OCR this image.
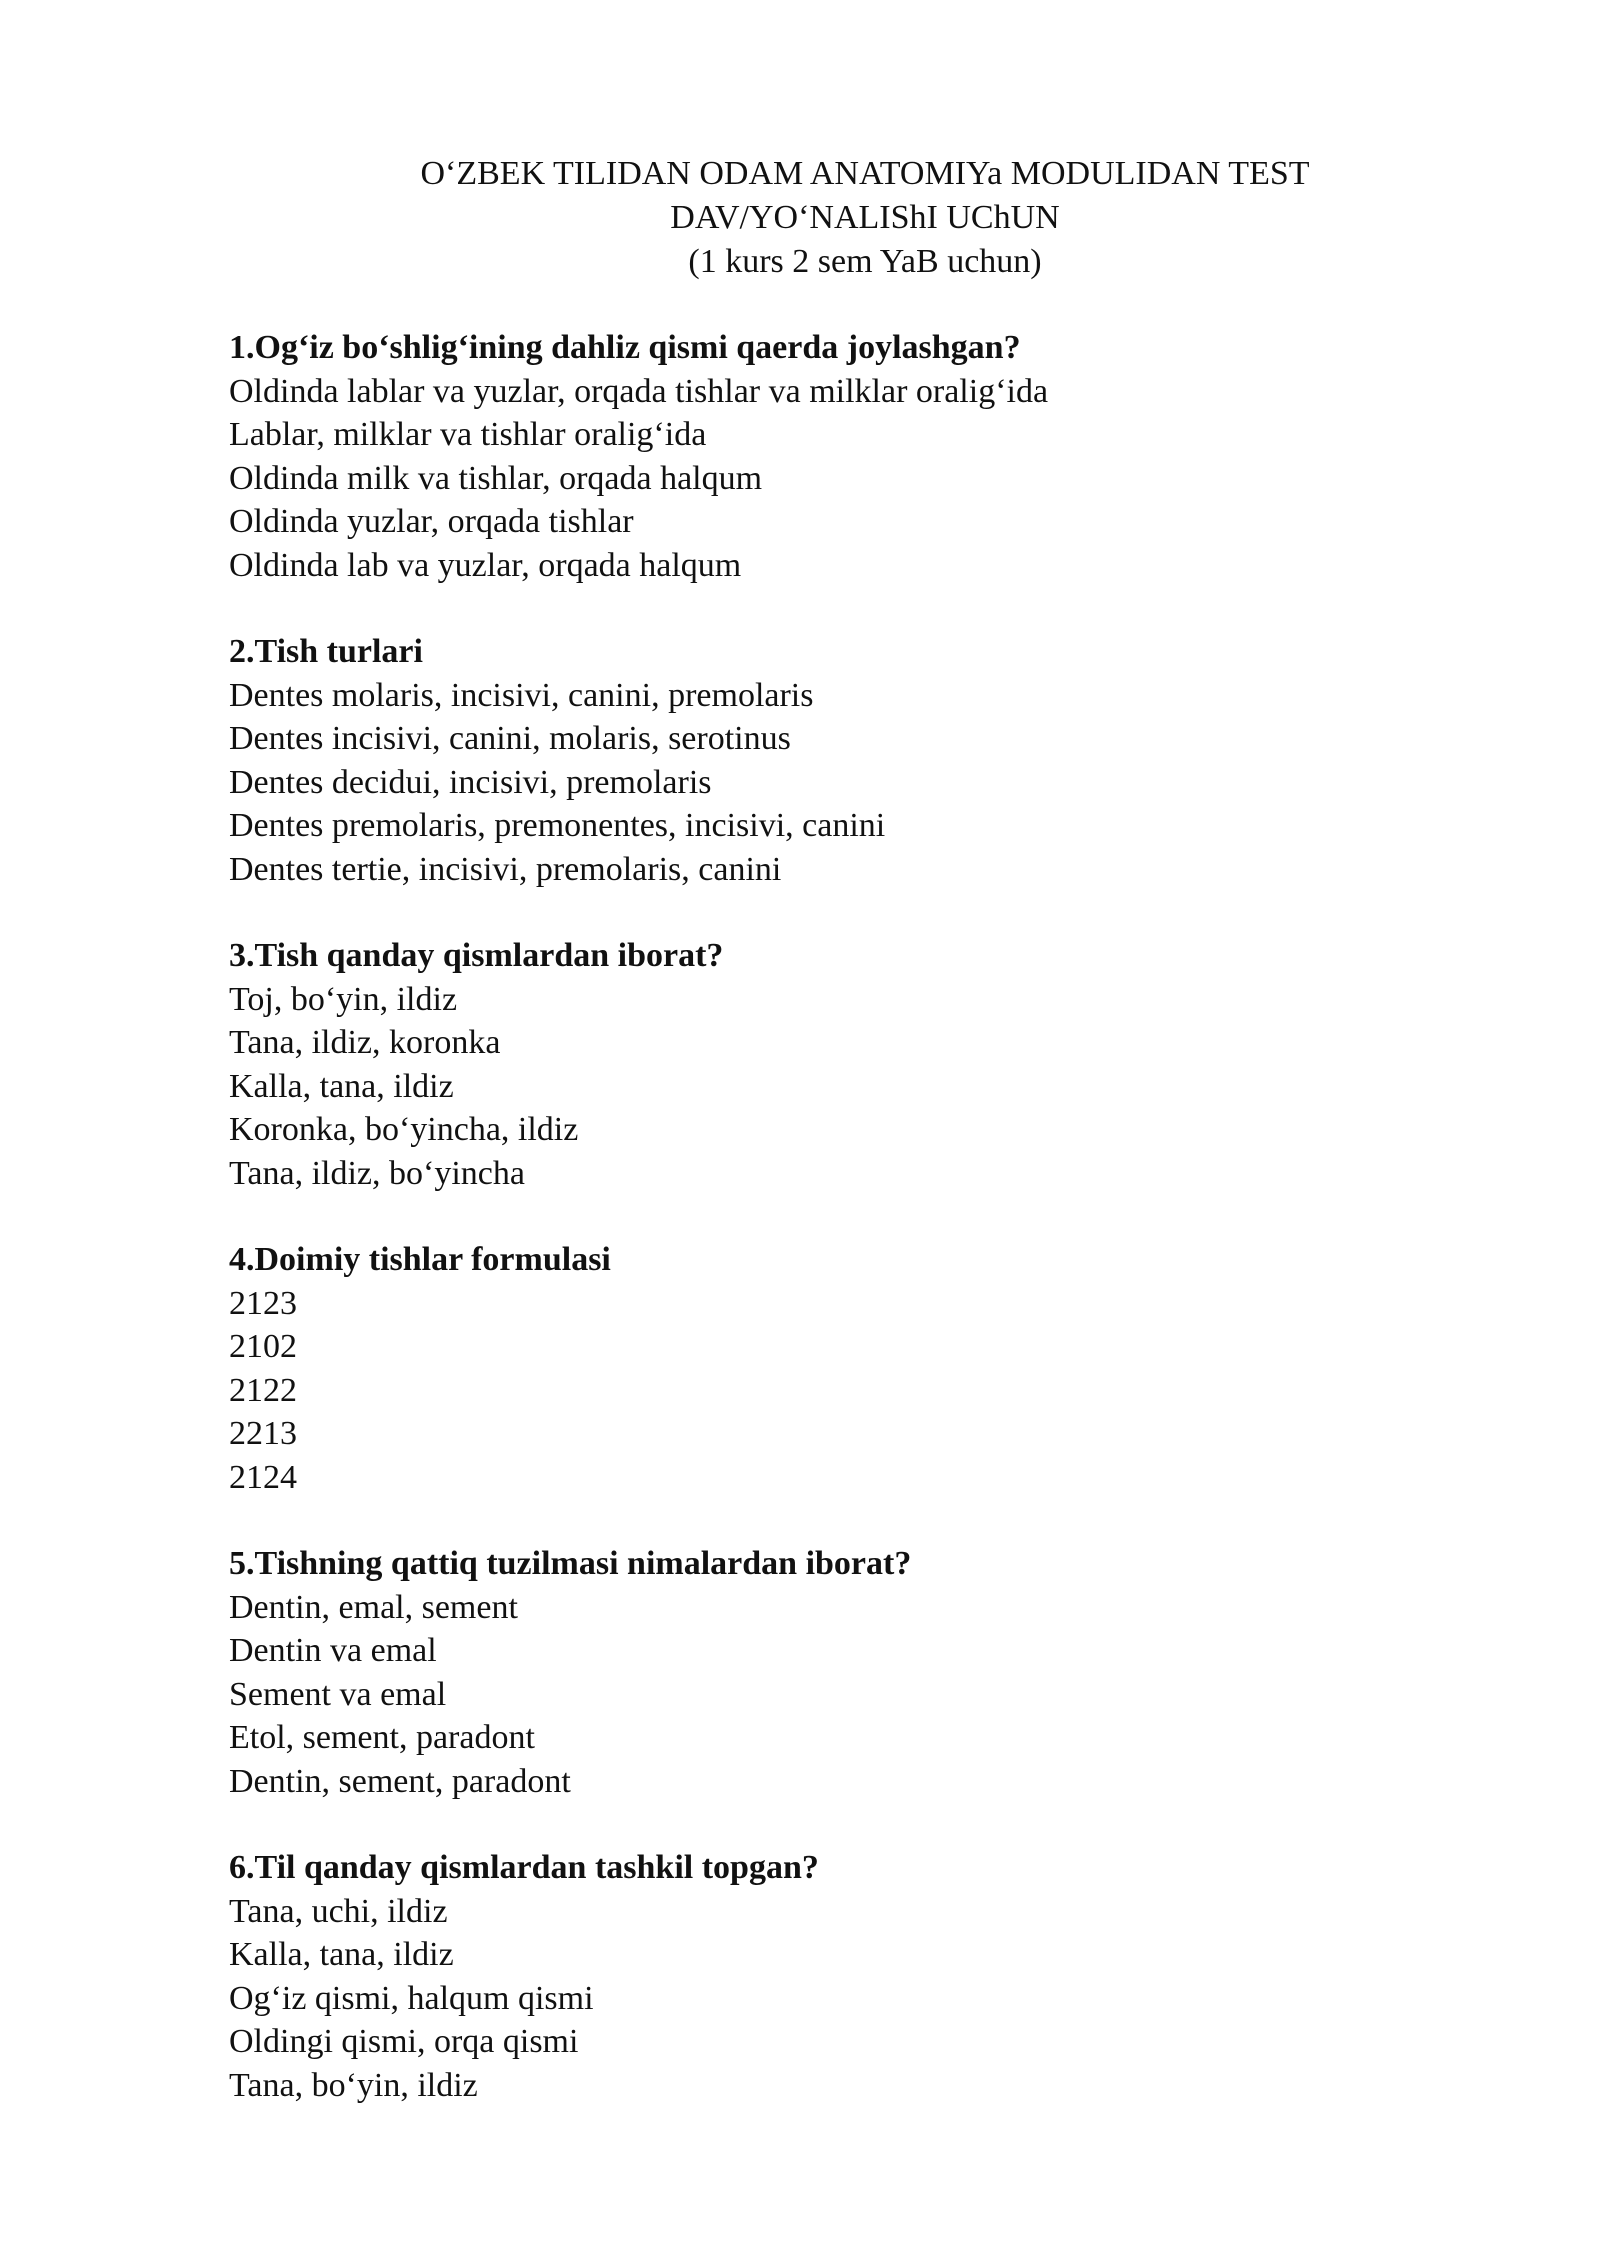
O‘ZBEK TILIDAN ODAM ANATOMIYa MODULIDAN TEST
DAV/YO‘NALIShI UChUN
(1 kurs 2 sem YaB uchun)
1.Og‘iz bo‘shlig‘ining dahliz qismi qaerda joylashgan?
Oldinda lablar va yuzlar, orqada tishlar va milklar oralig‘ida
Lablar, milklar va tishlar oralig‘ida
Oldinda milk va tishlar, orqada halqum
Oldinda yuzlar, orqada tishlar
Oldinda lab va yuzlar, orqada halqum
2.Tish turlari
Dentes molaris, incisivi, canini, premolaris
Dentes incisivi, canini, molaris, serotinus
Dentes decidui, incisivi, premolaris
Dentes premolaris, premonentes, incisivi, canini
Dentes tertie, incisivi, premolaris, canini
3.Tish qanday qismlardan iborat?
Toj, bo‘yin, ildiz
Tana, ildiz, koronka
Kalla, tana, ildiz
Koronka, bo‘yincha, ildiz
Tana, ildiz, bo‘yincha
4.Doimiy tishlar formulasi
2123
2102
2122
2213
2124
5.Tishning qattiq tuzilmasi nimalardan iborat?
Dentin, emal, sement
Dentin va emal
Sement va emal
Etol, sement, paradont
Dentin, sement, paradont
6.Til qanday qismlardan tashkil topgan?
Tana, uchi, ildiz
Kalla, tana, ildiz
Og‘iz qismi, halqum qismi
Oldingi qismi, orqa qismi
Tana, bo‘yin, ildiz
